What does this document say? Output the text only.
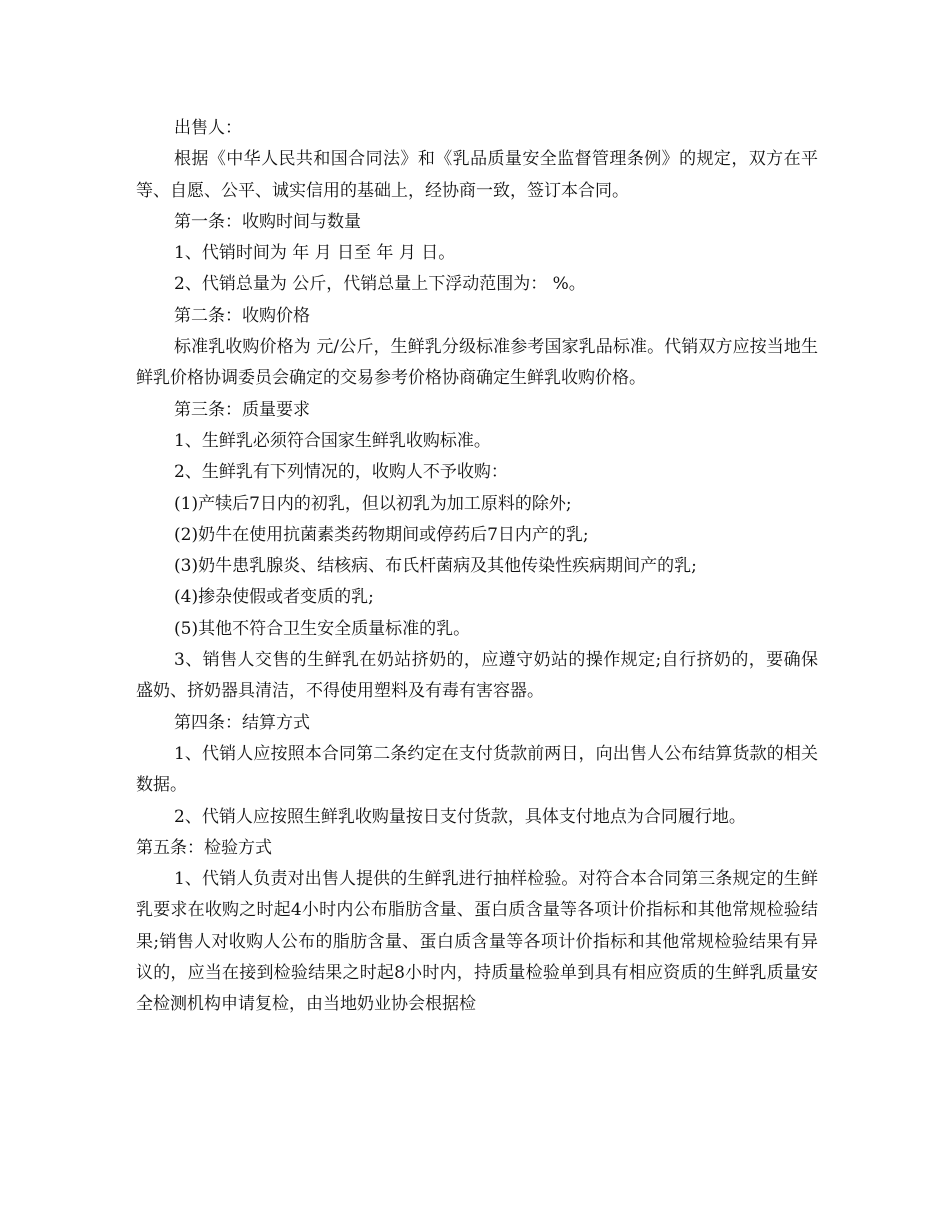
出售人：

根据《中华人民共和国合同法》和《乳品质量安全监督管理条例》的规定，双方在平等、自愿、公平、诚实信用的基础上，经协商一致，签订本合同。

第一条：收购时间与数量

1、代销时间为 年 月 日至 年 月 日。

2、代销总量为 公斤，代销总量上下浮动范围为： %。

第二条：收购价格

标准乳收购价格为 元/公斤，生鲜乳分级标准参考国家乳品标准。代销双方应按当地生鲜乳价格协调委员会确定的交易参考价格协商确定生鲜乳收购价格。

第三条：质量要求

1、生鲜乳必须符合国家生鲜乳收购标准。

2、生鲜乳有下列情况的，收购人不予收购：

(1)产犊后7日内的初乳，但以初乳为加工原料的除外;

(2)奶牛在使用抗菌素类药物期间或停药后7日内产的乳;

(3)奶牛患乳腺炎、结核病、布氏杆菌病及其他传染性疾病期间产的乳;

(4)掺杂使假或者变质的乳;

(5)其他不符合卫生安全质量标准的乳。

3、销售人交售的生鲜乳在奶站挤奶的，应遵守奶站的操作规定;自行挤奶的，要确保盛奶、挤奶器具清洁，不得使用塑料及有毒有害容器。

第四条：结算方式

1、代销人应按照本合同第二条约定在支付货款前两日，向出售人公布结算货款的相关数据。

2、代销人应按照生鲜乳收购量按日支付货款，具体支付地点为合同履行地。

第五条：检验方式

1、代销人负责对出售人提供的生鲜乳进行抽样检验。对符合本合同第三条规定的生鲜乳要求在收购之时起4小时内公布脂肪含量、蛋白质含量等各项计价指标和其他常规检验结果;销售人对收购人公布的脂肪含量、蛋白质含量等各项计价指标和其他常规检验结果有异议的，应当在接到检验结果之时起8小时内，持质量检验单到具有相应资质的生鲜乳质量安全检测机构申请复检，由当地奶业协会根据检
